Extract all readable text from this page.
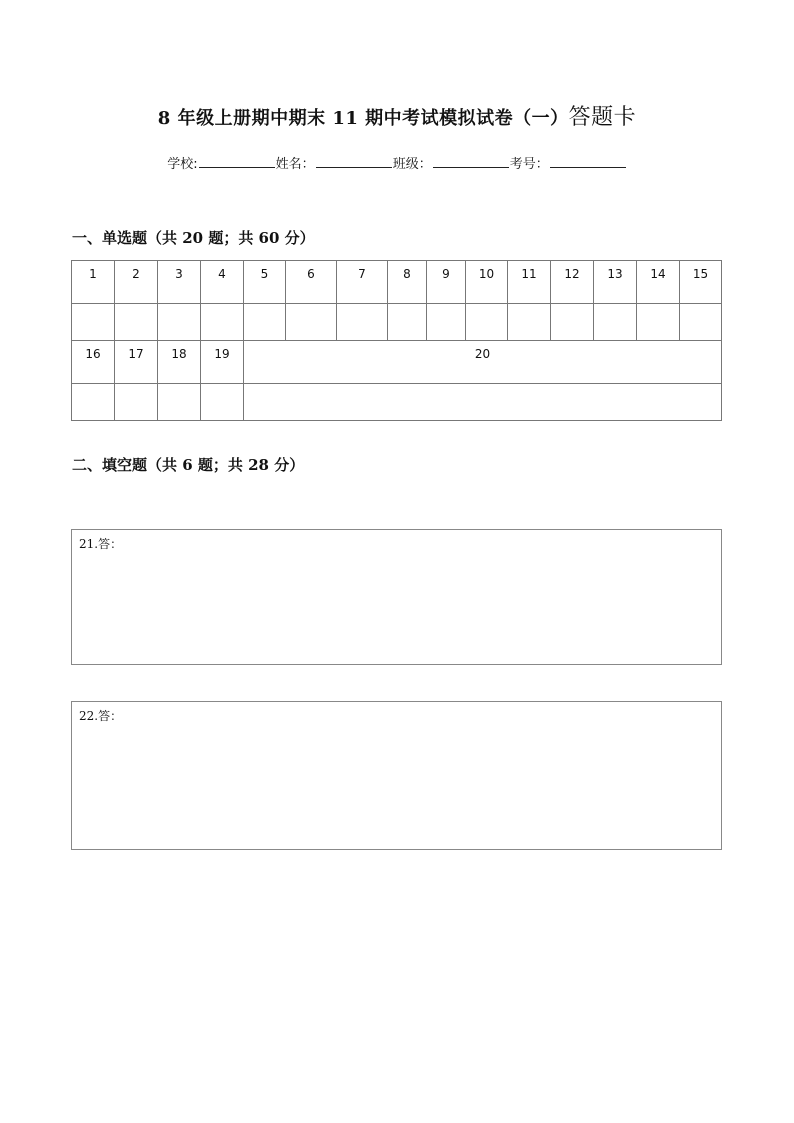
8 年级上册期中期末 11 期中考试模拟试卷（一）答题卡
学校:	姓名：	班级：	考号：
一、单选题（共 20 题；共 60 分）
1	2	3	4	5	6	7	8	9	10	11	12	13	14	15

16	17	18	19	20										

二、填空题（共 6 题；共 28 分）
21.答：
22.答：
